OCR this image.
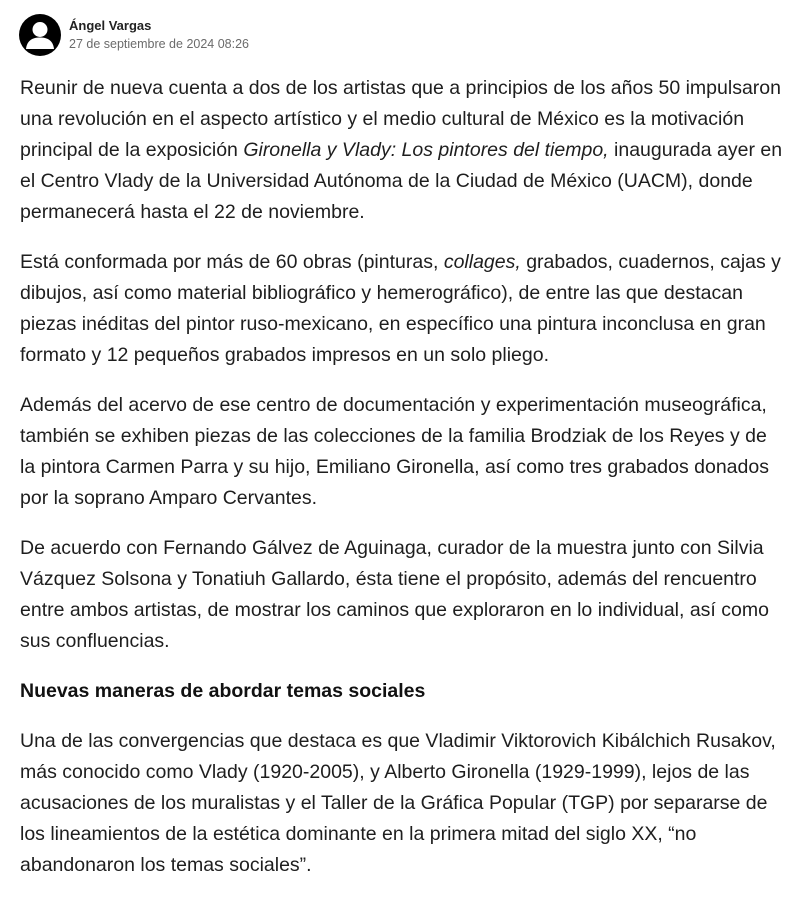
Ángel Vargas
27 de septiembre de 2024 08:26

Reunir de nueva cuenta a dos de los artistas que a principios de los años 50 impulsaron una revolución en el aspecto artístico y el medio cultural de México es la motivación principal de la exposición Gironella y Vlady: Los pintores del tiempo, inaugurada ayer en el Centro Vlady de la Universidad Autónoma de la Ciudad de México (UACM), donde permanecerá hasta el 22 de noviembre.

Está conformada por más de 60 obras (pinturas, collages, grabados, cuadernos, cajas y dibujos, así como material bibliográfico y hemerográfico), de entre las que destacan piezas inéditas del pintor ruso-mexicano, en específico una pintura inconclusa en gran formato y 12 pequeños grabados impresos en un solo pliego.

Además del acervo de ese centro de documentación y experimentación museográfica, también se exhiben piezas de las colecciones de la familia Brodziak de los Reyes y de la pintora Carmen Parra y su hijo, Emiliano Gironella, así como tres grabados donados por la soprano Amparo Cervantes.

De acuerdo con Fernando Gálvez de Aguinaga, curador de la muestra junto con Silvia Vázquez Solsona y Tonatiuh Gallardo, ésta tiene el propósito, además del rencuentro entre ambos artistas, de mostrar los caminos que exploraron en lo individual, así como sus confluencias.

Nuevas maneras de abordar temas sociales

Una de las convergencias que destaca es que Vladimir Viktorovich Kibálchich Rusakov, más conocido como Vlady (1920-2005), y Alberto Gironella (1929-1999), lejos de las acusaciones de los muralistas y el Taller de la Gráfica Popular (TGP) por separarse de los lineamientos de la estética dominante en la primera mitad del siglo XX, “no abandonaron los temas sociales”.
